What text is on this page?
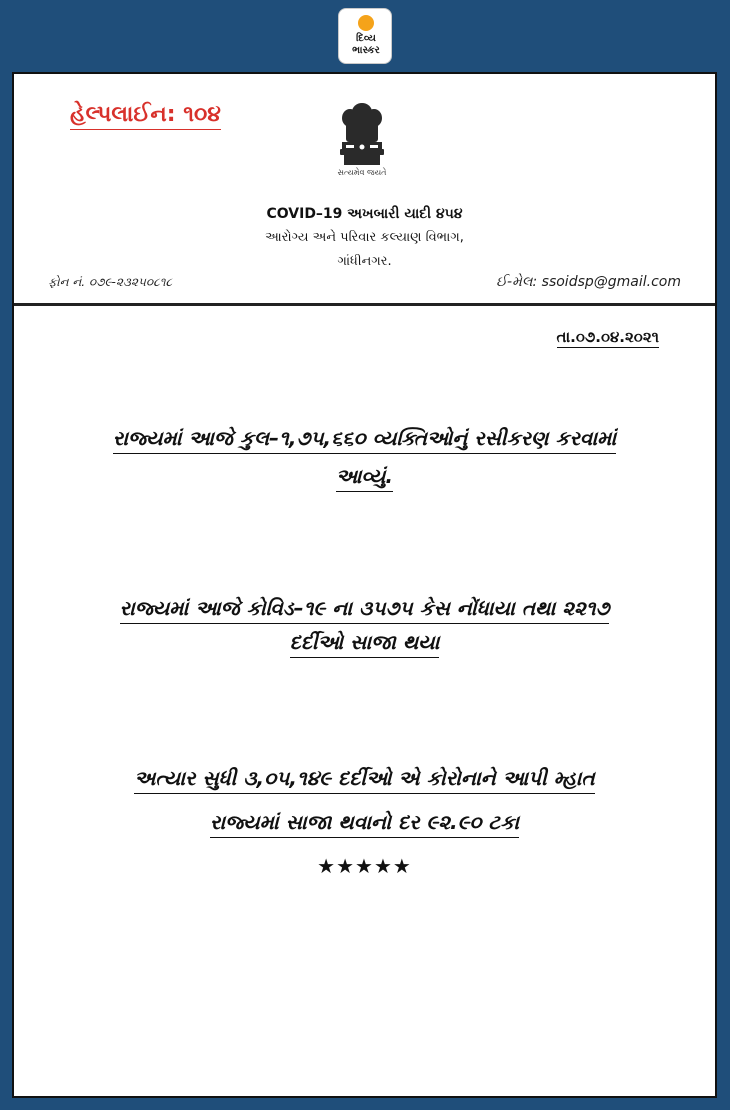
દિવ્ય
ભાસ્કર
હેલ્પલાઈન: ૧૦૪
સત્યમેવ જયતે
COVID–19 અખબારી યાદી ૪૫૪
આરોગ્ય અને પરિવાર કલ્યાણ વિભાગ,
ગાંધીનગર.
ફોન નં. ૦૭૯-૨૩૨૫૦૮૧૮	ઈ-મેલ: ssoidsp@gmail.com
તા.૦૭.૦૪.૨૦૨૧
રાજ્યમાં આજે કુલ–૧,૭૫,૬૬૦ વ્યક્તિઓનું રસીકરણ કરવામાં
આવ્યું.
રાજ્યમાં આજે કોવિડ–૧૯ ના ૩૫૭૫ કેસ નોંધાયા તથા ૨૨૧૭
દર્દીઓ સાજા થયા
અત્યાર સુધી ૩,૦૫,૧૪૯ દર્દીઓ એ કોરોનાને આપી મ્હાત
રાજ્યમાં સાજા થવાનો દર ૯૨.૯૦ ટકા
★★★★★
